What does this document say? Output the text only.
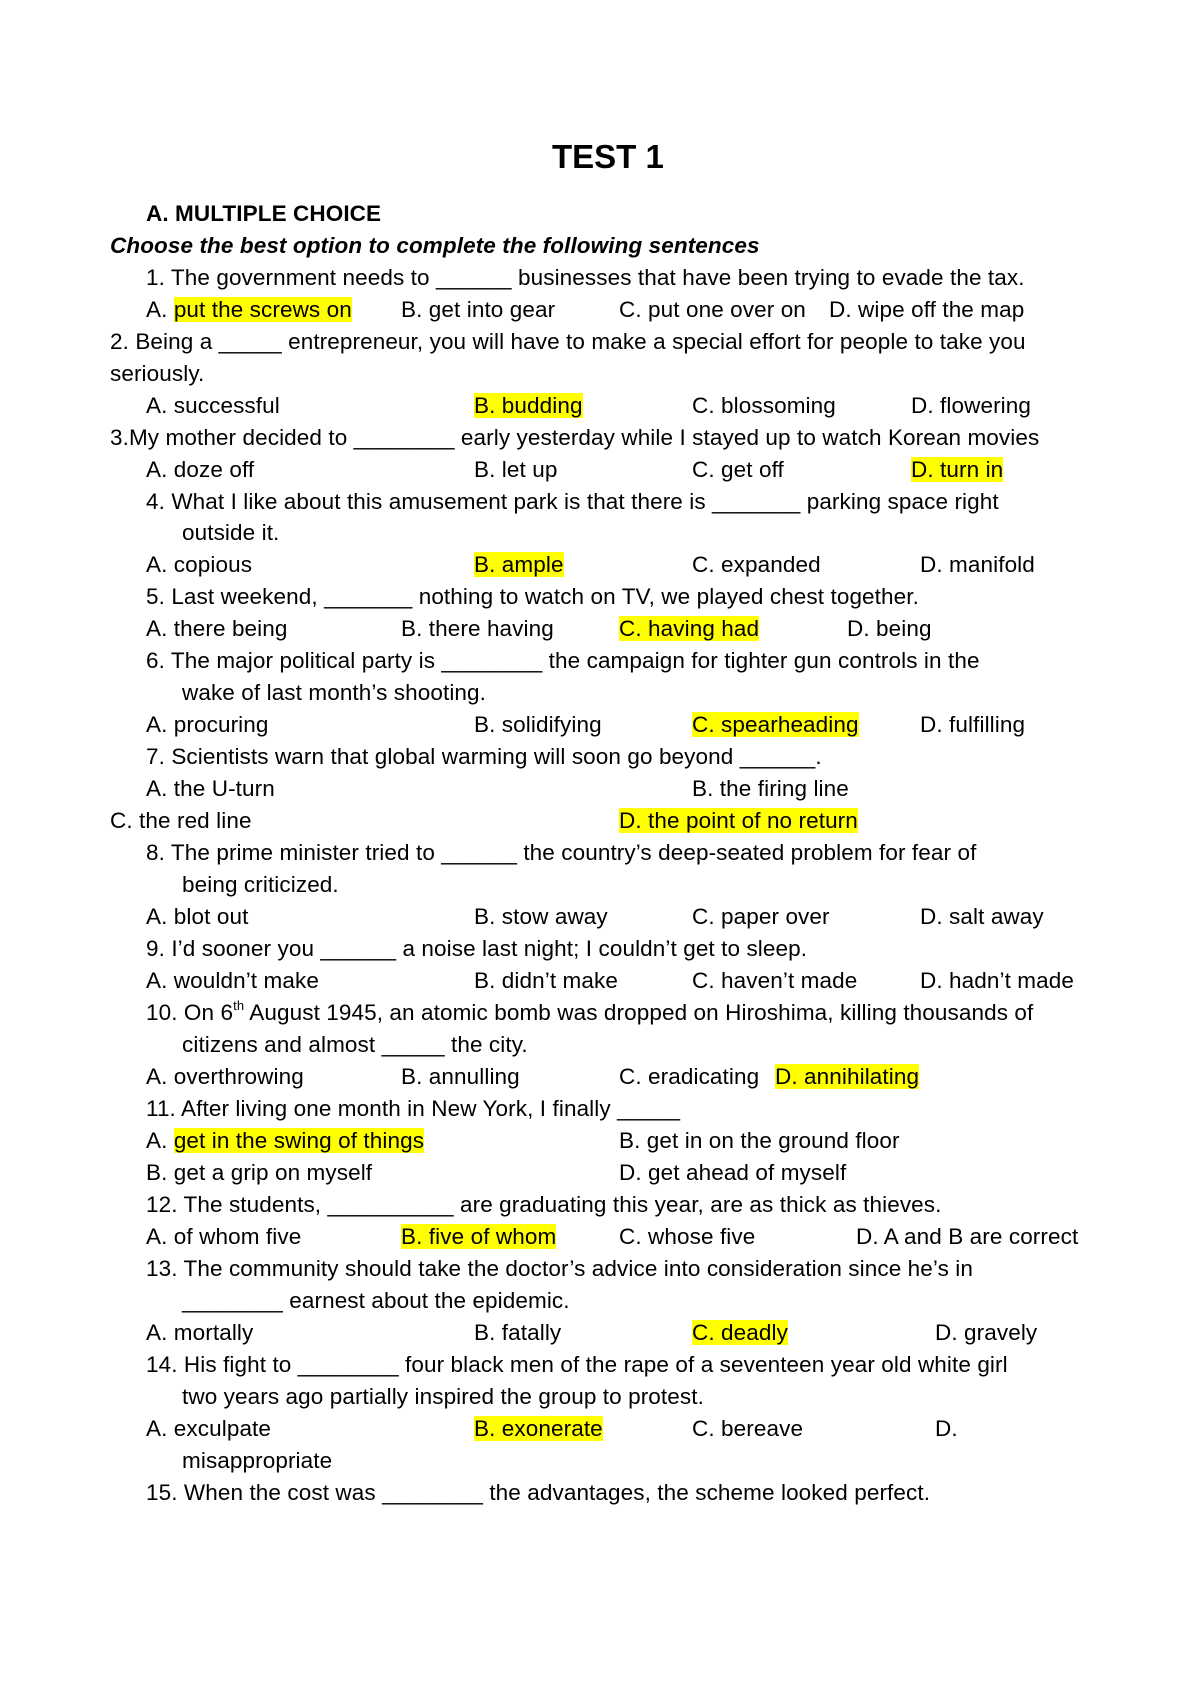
TEST 1
A. MULTIPLE CHOICE
Choose the best option to complete the following sentences
1. The government needs to ______ businesses that have been trying to evade the tax.
A. put the screws on B. get into gear	C. put one over on D. wipe off the map
2. Being a _____ entrepreneur, you will have to make a special effort for people to take you
seriously.
A. successful	B. budding	C. blossoming	D. flowering
3.My mother decided to ________ early yesterday while I stayed up to watch Korean movies
A. doze off	B. let up	C. get off	D. turn in
4. What I like about this amusement park is that there is _______ parking space right
outside it.
A. copious	B. ample	C. expanded	D. manifold
5. Last weekend, _______ nothing to watch on TV, we played chest together.
A. there being	B. there having	C. having had	D. being
6. The major political party is ________ the campaign for tighter gun controls in the
wake of last month’s shooting.
A. procuring	B. solidifying	C. spearheading	D. fulfilling
7. Scientists warn that global warming will soon go beyond ______.
A. the U-turn	B. the firing line
C. the red line	D. the point of no return
8. The prime minister tried to ______ the country’s deep-seated problem for fear of
being criticized.
A. blot out	B. stow away	C. paper over	D. salt away
9. I’d sooner you ______ a noise last night; I couldn’t get to sleep.
A. wouldn’t make	B. didn’t make	C. haven’t made	D. hadn’t made
10. On 6th August 1945, an atomic bomb was dropped on Hiroshima, killing thousands of
citizens and almost _____ the city.
A. overthrowing	B. annulling	C. eradicating D. annihilating
11. After living one month in New York, I finally _____
A. get in the swing of things	B. get in on the ground floor
B. get a grip on myself	D. get ahead of myself
12. The students, __________ are graduating this year, are as thick as thieves.
A. of whom five	B. five of whom	C. whose five	D. A and B are correct
13. The community should take the doctor’s advice into consideration since he’s in
________ earnest about the epidemic.
A. mortally	B. fatally	C. deadly	D. gravely
14. His fight to ________ four black men of the rape of a seventeen year old white girl
two years ago partially inspired the group to protest.
A. exculpate	B. exonerate	C. bereave	D.
misappropriate
15. When the cost was ________ the advantages, the scheme looked perfect.
